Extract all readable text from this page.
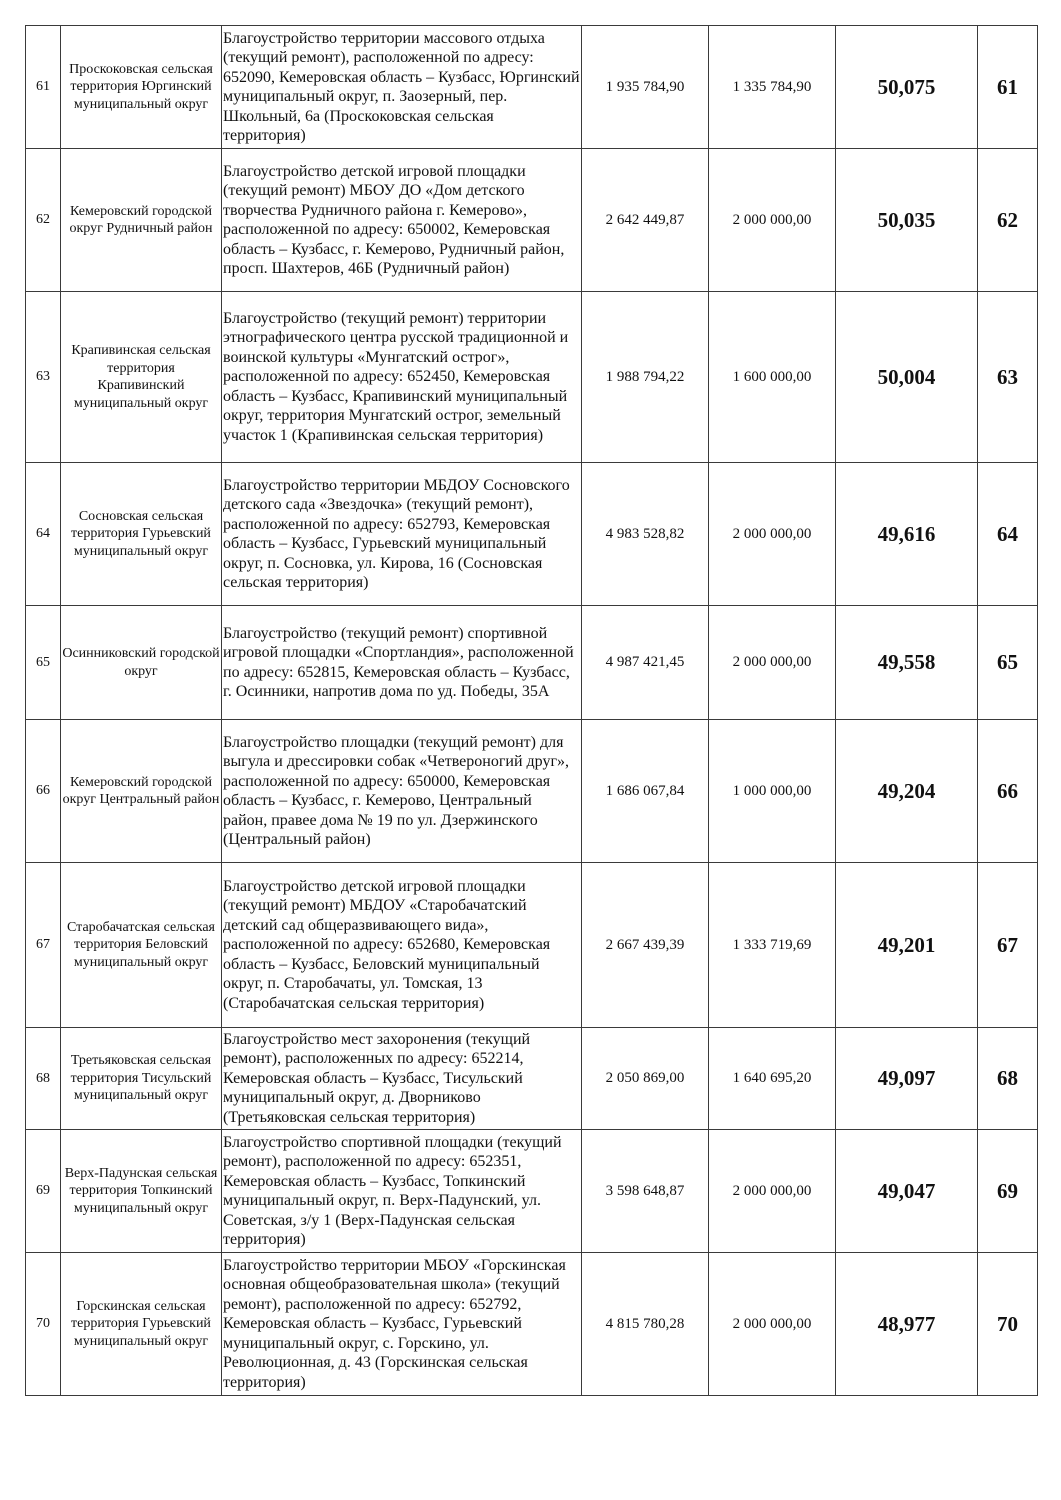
61	Проскоковская сельская территория Юргинский муниципальный округ	Благоустройство территории массового отдыха (текущий ремонт), расположенной по адресу: 652090, Кемеровская область – Кузбасс, Юргинский муниципальный округ, п. Заозерный, пер. Школьный, 6а (Проскоковская сельская территория)	1 935 784,90	1 335 784,90	50,075	61
62	Кемеровский городской округ Рудничный район	Благоустройство детской игровой площадки (текущий ремонт) МБОУ ДО «Дом детского творчества Рудничного района г. Кемерово», расположенной по адресу: 650002, Кемеровская область – Кузбасс, г. Кемерово, Рудничный район, просп. Шахтеров, 46Б (Рудничный район)	2 642 449,87	2 000 000,00	50,035	62
63	Крапивинская сельская территория Крапивинский муниципальный округ	Благоустройство (текущий ремонт) территории этнографического центра русской традиционной и воинской культуры «Мунгатский острог», расположенной по адресу: 652450, Кемеровская область – Кузбасс, Крапивинский муниципальный округ, территория Мунгатский острог, земельный участок 1 (Крапивинская сельская территория)	1 988 794,22	1 600 000,00	50,004	63
64	Сосновская сельская территория Гурьевский муниципальный округ	Благоустройство территории МБДОУ Сосновского детского сада «Звездочка» (текущий ремонт), расположенной по адресу: 652793, Кемеровская область – Кузбасс, Гурьевский муниципальный округ, п. Сосновка, ул. Кирова, 16 (Сосновская сельская территория)	4 983 528,82	2 000 000,00	49,616	64
65	Осинниковский городской округ	Благоустройство (текущий ремонт) спортивной игровой площадки «Спортландия», расположенной по адресу: 652815, Кемеровская область – Кузбасс, г. Осинники, напротив дома по уд. Победы, 35А	4 987 421,45	2 000 000,00	49,558	65
66	Кемеровский городской округ Центральный район	Благоустройство площадки (текущий ремонт) для выгула и дрессировки собак «Четвероногий друг», расположенной по адресу: 650000, Кемеровская область – Кузбасс, г. Кемерово, Центральный район, правее дома № 19 по ул. Дзержинского (Центральный район)	1 686 067,84	1 000 000,00	49,204	66
67	Старобачатская сельская территория Беловский муниципальный округ	Благоустройство детской игровой площадки (текущий ремонт) МБДОУ «Старобачатский детский сад общеразвивающего вида», расположенной по адресу: 652680, Кемеровская область – Кузбасс, Беловский муниципальный округ, п. Старобачаты, ул. Томская, 13 (Старобачатская сельская территория)	2 667 439,39	1 333 719,69	49,201	67
68	Третьяковская сельская территория Тисульский муниципальный округ	Благоустройство мест захоронения (текущий ремонт), расположенных по адресу: 652214, Кемеровская область – Кузбасс, Тисульский муниципальный округ, д. Дворниково (Третьяковская сельская территория)	2 050 869,00	1 640 695,20	49,097	68
69	Верх-Падунская сельская территория Топкинский муниципальный округ	Благоустройство спортивной площадки (текущий ремонт), расположенной по адресу: 652351, Кемеровская область – Кузбасс, Топкинский муниципальный округ, п. Верх-Падунский, ул. Советская, з/у 1 (Верх-Падунская сельская территория)	3 598 648,87	2 000 000,00	49,047	69
70	Горскинская сельская территория Гурьевский муниципальный округ	Благоустройство территории МБОУ «Горскинская основная общеобразовательная школа» (текущий ремонт), расположенной по адресу: 652792, Кемеровская область – Кузбасс, Гурьевский муниципальный округ, с. Горскино, ул. Революционная, д. 43 (Горскинская сельская территория)	4 815 780,28	2 000 000,00	48,977	70
